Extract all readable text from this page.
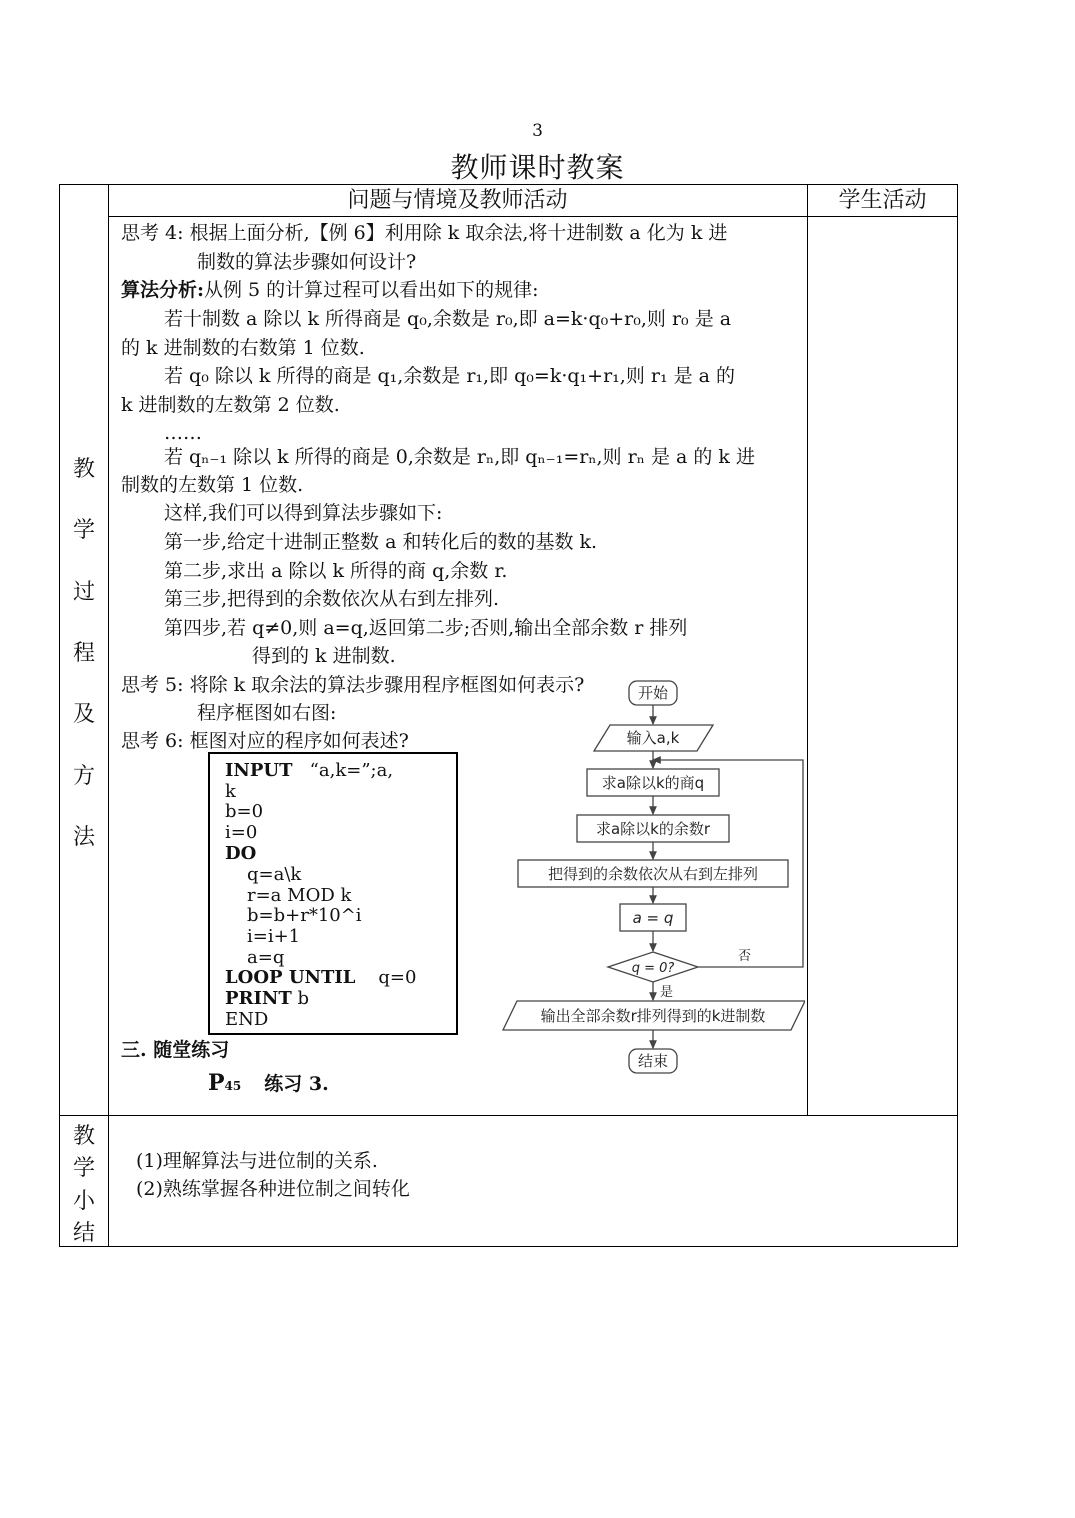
3
教师课时教案
问题与情境及教师活动	学生活动
教
学
过
程
及
方
法
教
学
小
结
思考 4: 根据上面分析,【例 6】利用除 k 取余法,将十进制数 a 化为 k 进
制数的算法步骤如何设计?
算法分析:从例 5 的计算过程可以看出如下的规律:
若十制数 a 除以 k 所得商是 q₀,余数是 r₀,即 a=k·q₀+r₀,则 r₀ 是 a
的 k 进制数的右数第 1 位数.
若 q₀ 除以 k 所得的商是 q₁,余数是 r₁,即 q₀=k·q₁+r₁,则 r₁ 是 a 的
k 进制数的左数第 2 位数.
……
若 qₙ₋₁ 除以 k 所得的商是 0,余数是 rₙ,即 qₙ₋₁=rₙ,则 rₙ 是 a 的 k 进
制数的左数第 1 位数.
这样,我们可以得到算法步骤如下:
第一步,给定十进制正整数 a 和转化后的数的基数 k.
第二步,求出 a 除以 k 所得的商 q,余数 r.
第三步,把得到的余数依次从右到左排列.
第四步,若 q≠0,则 a=q,返回第二步;否则,输出全部余数 r 排列
得到的 k 进制数.
思考 5: 将除 k 取余法的算法步骤用程序框图如何表示?
程序框图如右图:
思考 6: 框图对应的程序如何表述?
INPUT “a,k=”;a,
k
b=0
i=0
DO
q=a\k
r=a MOD k
b=b+r*10^i
i=i+1
a=q
LOOP UNTIL q=0
PRINT b
END
三. 随堂练习
P45 练习 3.
开始
输入a,k
求a除以k的商q
求a除以k的余数r
把得到的余数依次从右到左排列
a = q
q = 0?
否
是
输出全部余数r排列得到的k进制数
结束
(1)理解算法与进位制的关系.
(2)熟练掌握各种进位制之间转化
